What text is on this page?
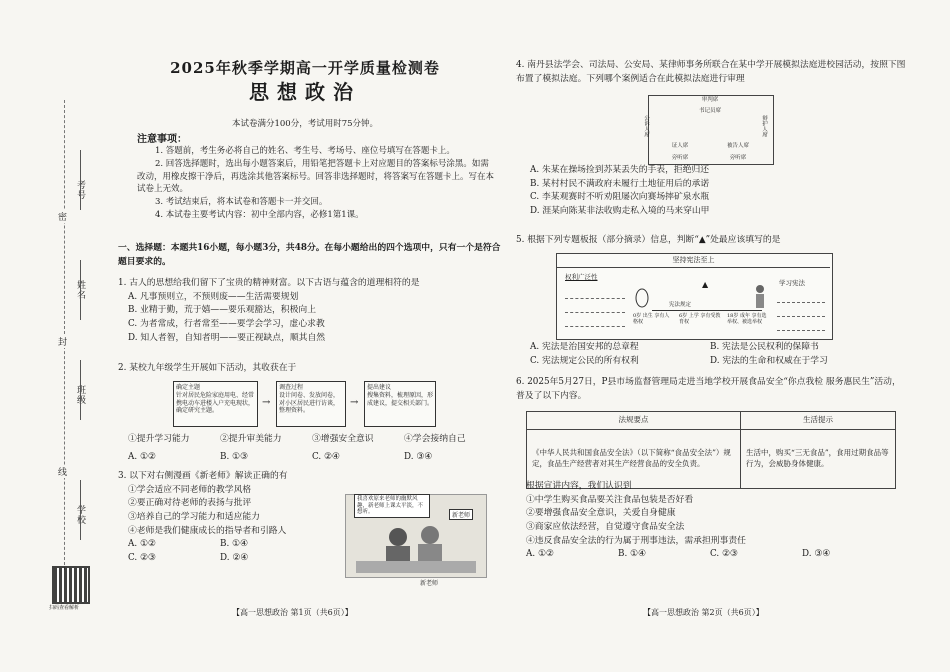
考号
姓名
班级
学校
密
封
线
扫码查看解析
2025年秋季学期高一开学质量检测卷
思想政治
本试卷满分100分，考试用时75分钟。
注意事项：

1. 答题前，考生务必将自己的姓名、考生号、考场号、座位号填写在答题卡上。

2. 回答选择题时，选出每小题答案后，用铅笔把答题卡上对应题目的答案标号涂黑。如需改动，用橡皮擦干净后，再选涂其他答案标号。回答非选择题时，将答案写在答题卡上。写在本试卷上无效。

3. 考试结束后，将本试卷和答题卡一并交回。

4. 本试卷主要考试内容：初中全部内容，必修1第1课。

一、选择题：本题共16小题，每小题3分，共48分。在每小题给出的四个选项中，只有一个是符合题目要求的。
1. 古人的思想给我们留下了宝贵的精神财富。以下古语与蕴含的道理相符的是
A. 凡事预则立，不预则废——生活需要规划
B. 业精于勤，荒于嬉——要乐观豁达，积极向上
C. 为者常成，行者常至——要学会学习，虚心求教
D. 知人者智，自知者明——要正视缺点，顺其自然
2. 某校九年级学生开展如下活动，其收获在于
确定主题
针对居民危险家庭用电、经常携电动车进楼入户充电现状，确定研究主题。
→
调查过程
设计问卷、发放问卷，对小区居民进行访谈，整理资料。
→
提出建议
搜集资料，梳理原因，形成建议，提交相关部门。
①提升学习能力	②提升审美能力	③增强安全意识	④学会接纳自己
A. ①②	B. ①③	C. ②④	D. ③④
3. 以下对右侧漫画《新老师》解读正确的有
①学会适应不同老师的教学风格
②要正确对待老师的表扬与批评
③培养自己的学习能力和适应能力
④老师是我们健康成长的指导者和引路人
A. ①②	B. ①④
C. ②③	D. ②④
我喜欢原来老师的幽默风趣，新老师上课太平淡，不想听。	新老师
新老师
【高一思想政治 第1页（共6页）】
4. 南丹县法学会、司法局、公安局、某律师事务所联合在某中学开展模拟法庭进校园活动，按照下图布置了模拟法庭。下列哪个案例适合在此模拟法庭进行审理
审判席
书记员席
公诉人席	辩护人席
证人席	被告人席
旁听席	旁听席
A. 朱某在操场捡到苏某丢失的手表，拒绝归还
B. 某村村民不满政府未履行土地征用后的承诺
C. 李某观赛时不听劝阻屡次向赛场摔矿泉水瓶
D. 涯某向陈某非法收购走私入境的马来穿山甲
5. 根据下列专题板报（部分摘录）信息，判断“▲”处最应该填写的是
坚持宪法至上
权利广泛性
▲
宪法规定
0岁 出生 享有人格权
6岁 上学 享有受教育权
18岁 成年 享有选举权、被选举权
学习宪法
A. 宪法是治国安邦的总章程	B. 宪法是公民权利的保障书
C. 宪法规定公民的所有权利	D. 宪法的生命和权威在于学习
6. 2025年5月27日，P县市场监督管理局走进当地学校开展食品安全“你点我检 服务惠民生”活动，普及了以下内容。
法规要点	生活提示
《中华人民共和国食品安全法》（以下简称“食品安全法”）规定，食品生产经营者对其生产经营食品的安全负责。	生活中，购买“三无食品”，食用过期食品等行为，会威胁身体健康。
根据宣讲内容，我们认识到
①中学生购买食品要关注食品包装是否好看
②要增强食品安全意识，关爱自身健康
③商家应依法经营，自觉遵守食品安全法
④违反食品安全法的行为属于刑事违法，需承担刑事责任
A. ①②	B. ①④	C. ②③	D. ③④
【高一思想政治 第2页（共6页）】
